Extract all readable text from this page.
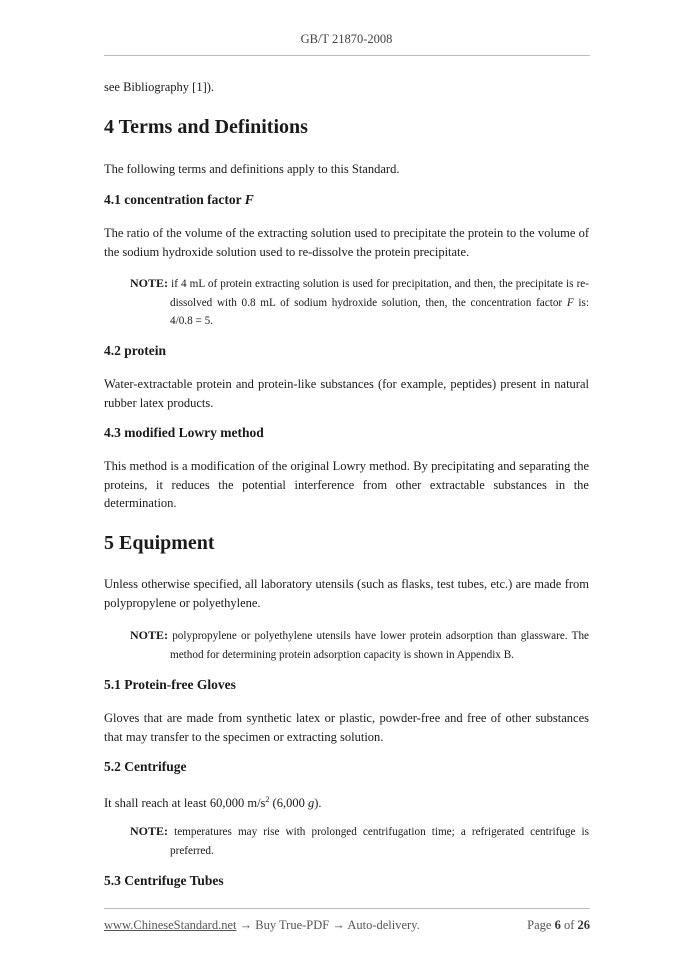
GB/T 21870-2008
see Bibliography [1]).
4 Terms and Definitions
The following terms and definitions apply to this Standard.
4.1 concentration factor F
The ratio of the volume of the extracting solution used to precipitate the protein to the volume of the sodium hydroxide solution used to re-dissolve the protein precipitate.
NOTE: if 4 mL of protein extracting solution is used for precipitation, and then, the precipitate is re-dissolved with 0.8 mL of sodium hydroxide solution, then, the concentration factor F is: 4/0.8 = 5.
4.2 protein
Water-extractable protein and protein-like substances (for example, peptides) present in natural rubber latex products.
4.3 modified Lowry method
This method is a modification of the original Lowry method. By precipitating and separating the proteins, it reduces the potential interference from other extractable substances in the determination.
5 Equipment
Unless otherwise specified, all laboratory utensils (such as flasks, test tubes, etc.) are made from polypropylene or polyethylene.
NOTE: polypropylene or polyethylene utensils have lower protein adsorption than glassware. The method for determining protein adsorption capacity is shown in Appendix B.
5.1 Protein-free Gloves
Gloves that are made from synthetic latex or plastic, powder-free and free of other substances that may transfer to the specimen or extracting solution.
5.2 Centrifuge
It shall reach at least 60,000 $m/s^2$ (6,000 g).
NOTE: temperatures may rise with prolonged centrifugation time; a refrigerated centrifuge is preferred.
5.3 Centrifuge Tubes
www.ChineseStandard.net → Buy True-PDF → Auto-delivery.	Page 6 of 26
